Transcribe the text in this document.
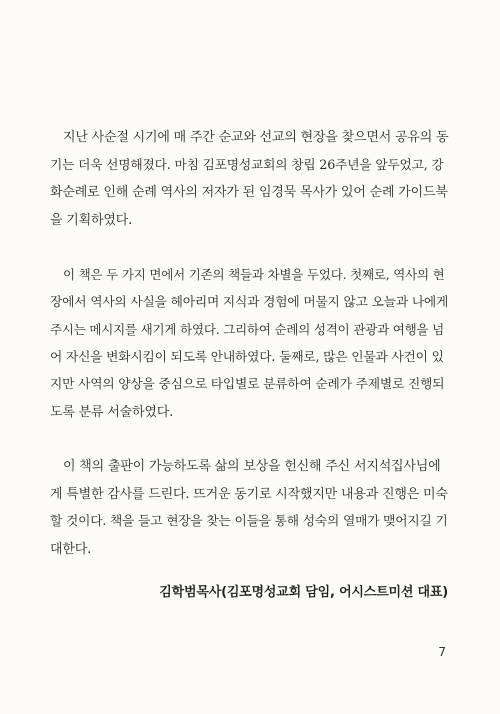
지난 사순절 시기에 매 주간 순교와 선교의 현장을 찾으면서 공유의 동
기는 더욱 선명해졌다. 마침 김포명성교회의 창립 26주년을 앞두었고, 강
화순례로 인해 순례 역사의 저자가 된 임경묵 목사가 있어 순례 가이드북
을 기획하였다.

이 책은 두 가지 면에서 기존의 책들과 차별을 두었다. 첫째로, 역사의 현
장에서 역사의 사실을 헤아리며 지식과 경험에 머물지 않고 오늘과 나에게
주시는 메시지를 새기게 하였다. 그리하여 순례의 성격이 관광과 여행을 넘
어 자신을 변화시킴이 되도록 안내하였다. 둘째로, 많은 인물과 사건이 있
지만 사역의 양상을 중심으로 타입별로 분류하여 순례가 주제별로 진행되
도록 분류 서술하였다.

이 책의 출판이 가능하도록 삶의 보상을 헌신해 주신 서지석집사님에
게 특별한 감사를 드린다. 뜨거운 동기로 시작했지만 내용과 진행은 미숙
할 것이다. 책을 들고 현장을 찾는 이들을 통해 성숙의 열매가 맺어지길 기
대한다.

김학범목사(김포명성교회 담임, 어시스트미션 대표)
7
